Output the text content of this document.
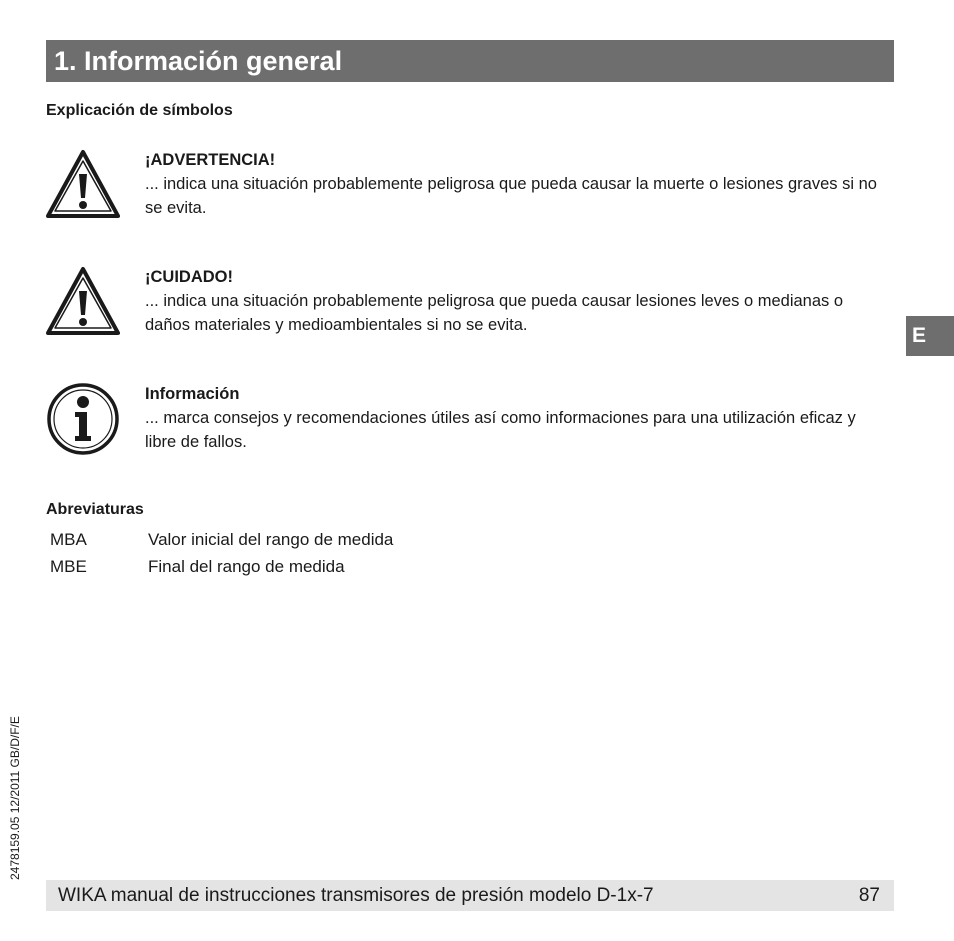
1. Información general
Explicación de símbolos
¡ADVERTENCIA!
... indica una situación probablemente peligrosa que pueda causar la muerte o lesiones graves si no se evita.
¡CUIDADO!
... indica una situación probablemente peligrosa que pueda causar lesiones leves o medianas o daños materiales y medioambientales si no se evita.
Información
... marca consejos y recomendaciones útiles así como informaciones para una utilización eficaz y libre de fallos.
Abreviaturas
MBA	Valor inicial del rango de medida
MBE	Final del rango de medida
E
2478159.05 12/2011 GB/D/F/E
WIKA manual de instrucciones transmisores de presión modelo D-1x-7	87
